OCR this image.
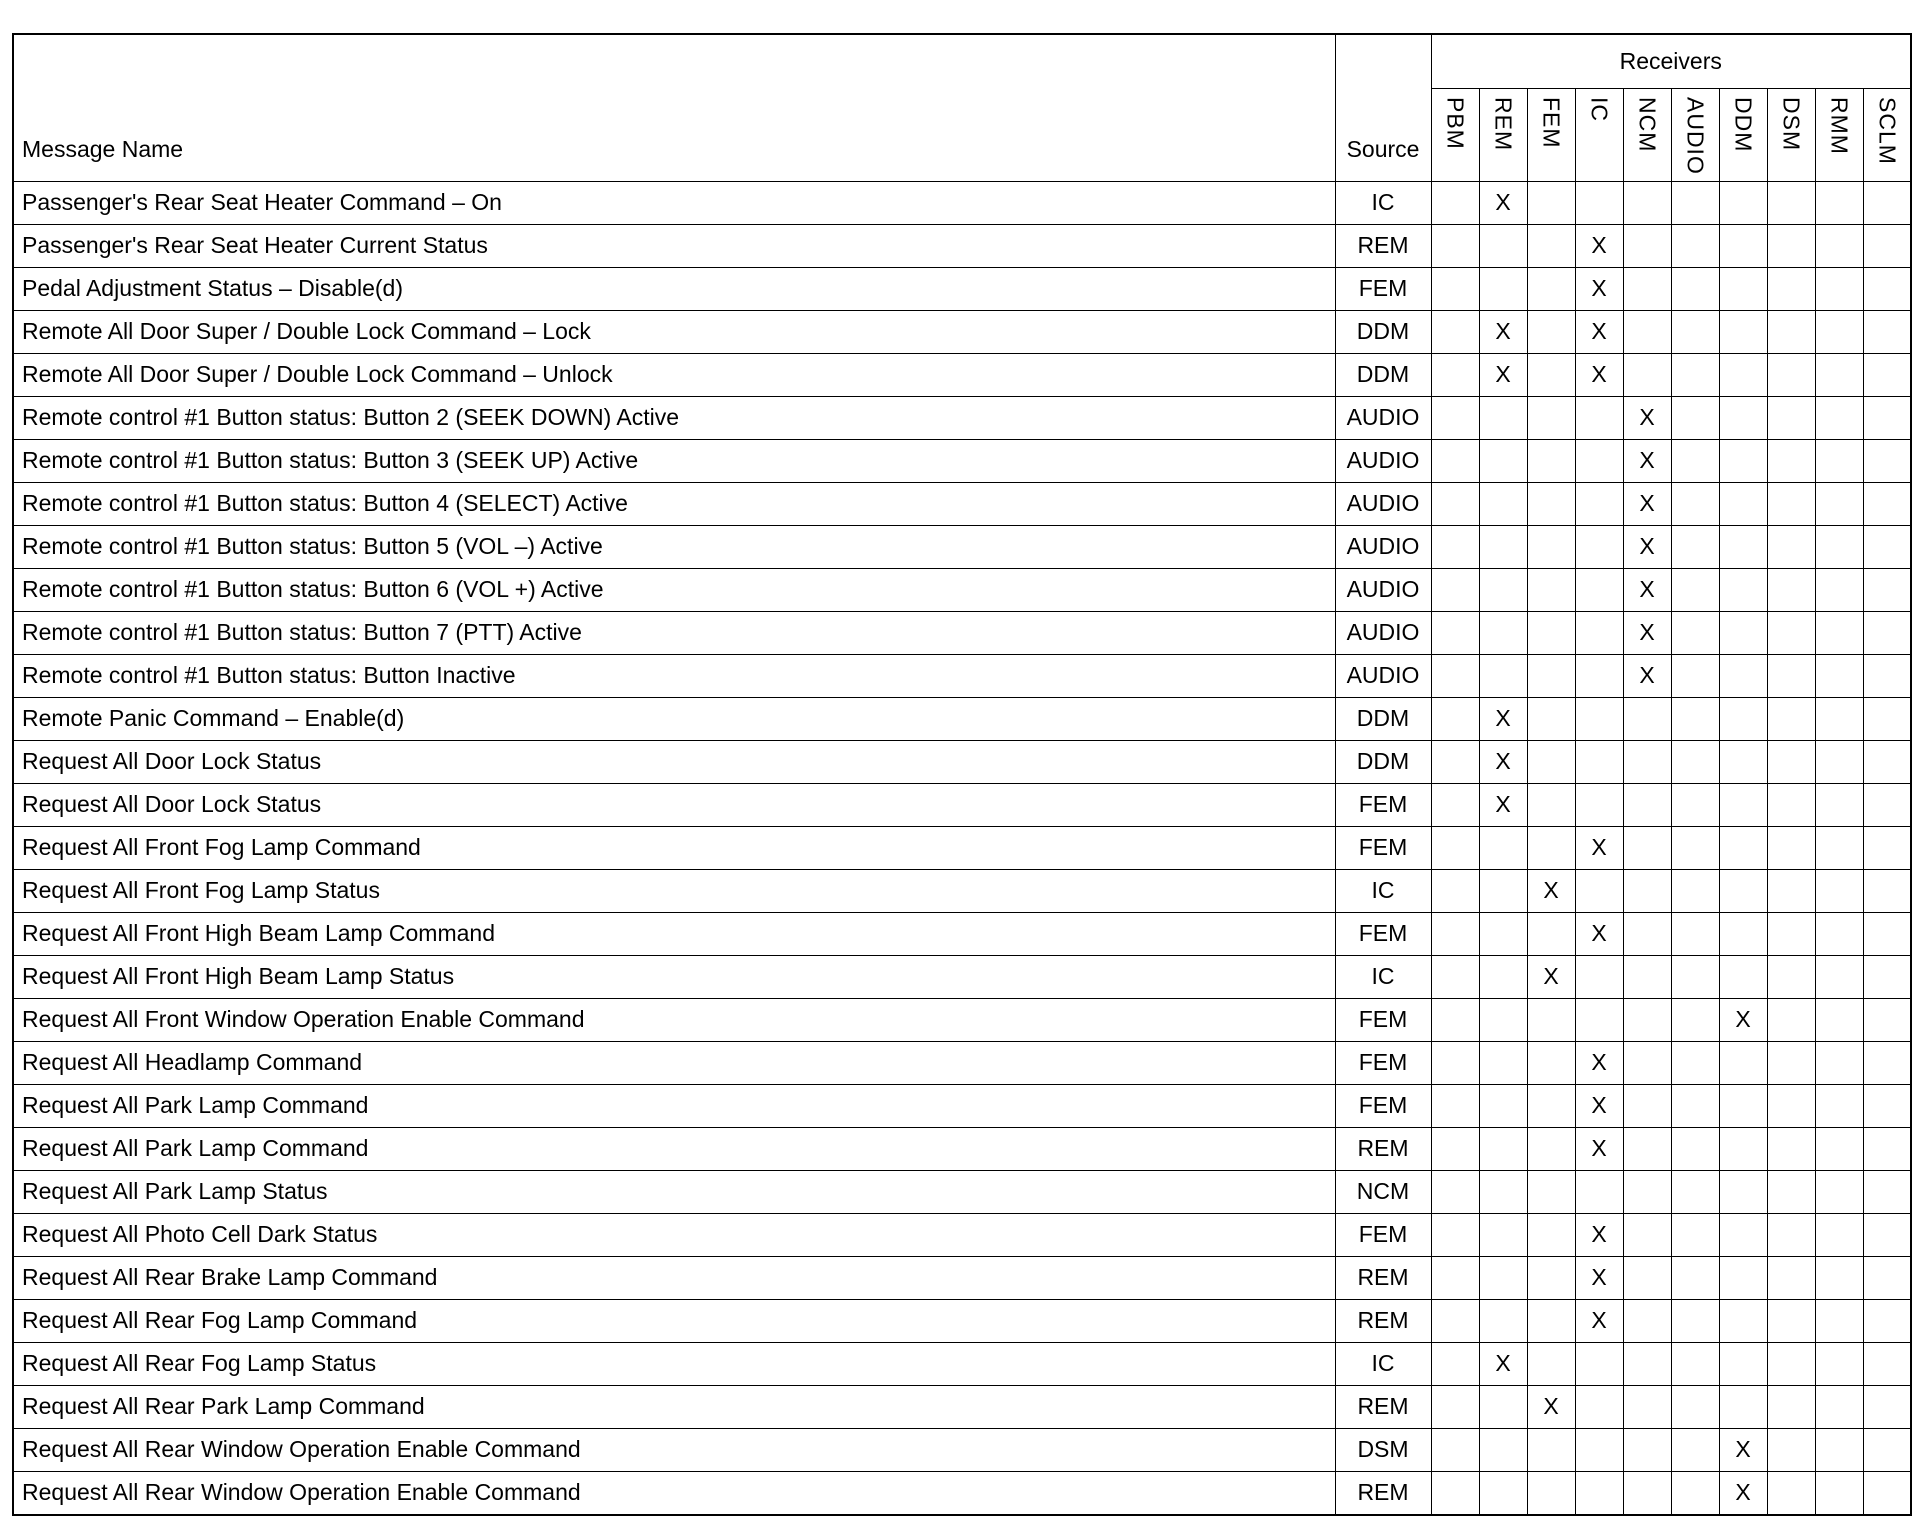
Message Name	Source	Receivers									
		PBM	REM	FEM	IC	NCM	AUDIO	DDM	DSM	RMM	SCLM
Passenger's Rear Seat Heater Command – On	IC		X								
Passenger's Rear Seat Heater Current Status	REM				X						
Pedal Adjustment Status – Disable(d)	FEM				X						
Remote All Door Super / Double Lock Command – Lock	DDM		X		X						
Remote All Door Super / Double Lock Command – Unlock	DDM		X		X						
Remote control #1 Button status: Button 2 (SEEK DOWN) Active	AUDIO					X					
Remote control #1 Button status: Button 3 (SEEK UP) Active	AUDIO					X					
Remote control #1 Button status: Button 4 (SELECT) Active	AUDIO					X					
Remote control #1 Button status: Button 5 (VOL –) Active	AUDIO					X					
Remote control #1 Button status: Button 6 (VOL +) Active	AUDIO					X					
Remote control #1 Button status: Button 7 (PTT) Active	AUDIO					X					
Remote control #1 Button status: Button Inactive	AUDIO					X					
Remote Panic Command – Enable(d)	DDM		X								
Request All Door Lock Status	DDM		X								
Request All Door Lock Status	FEM		X								
Request All Front Fog Lamp Command	FEM				X						
Request All Front Fog Lamp Status	IC			X							
Request All Front High Beam Lamp Command	FEM				X						
Request All Front High Beam Lamp Status	IC			X							
Request All Front Window Operation Enable Command	FEM							X			
Request All Headlamp Command	FEM				X						
Request All Park Lamp Command	FEM				X						
Request All Park Lamp Command	REM				X						
Request All Park Lamp Status	NCM										
Request All Photo Cell Dark Status	FEM				X						
Request All Rear Brake Lamp Command	REM				X						
Request All Rear Fog Lamp Command	REM				X						
Request All Rear Fog Lamp Status	IC		X								
Request All Rear Park Lamp Command	REM			X							
Request All Rear Window Operation Enable Command	DSM							X			
Request All Rear Window Operation Enable Command	REM							X			
